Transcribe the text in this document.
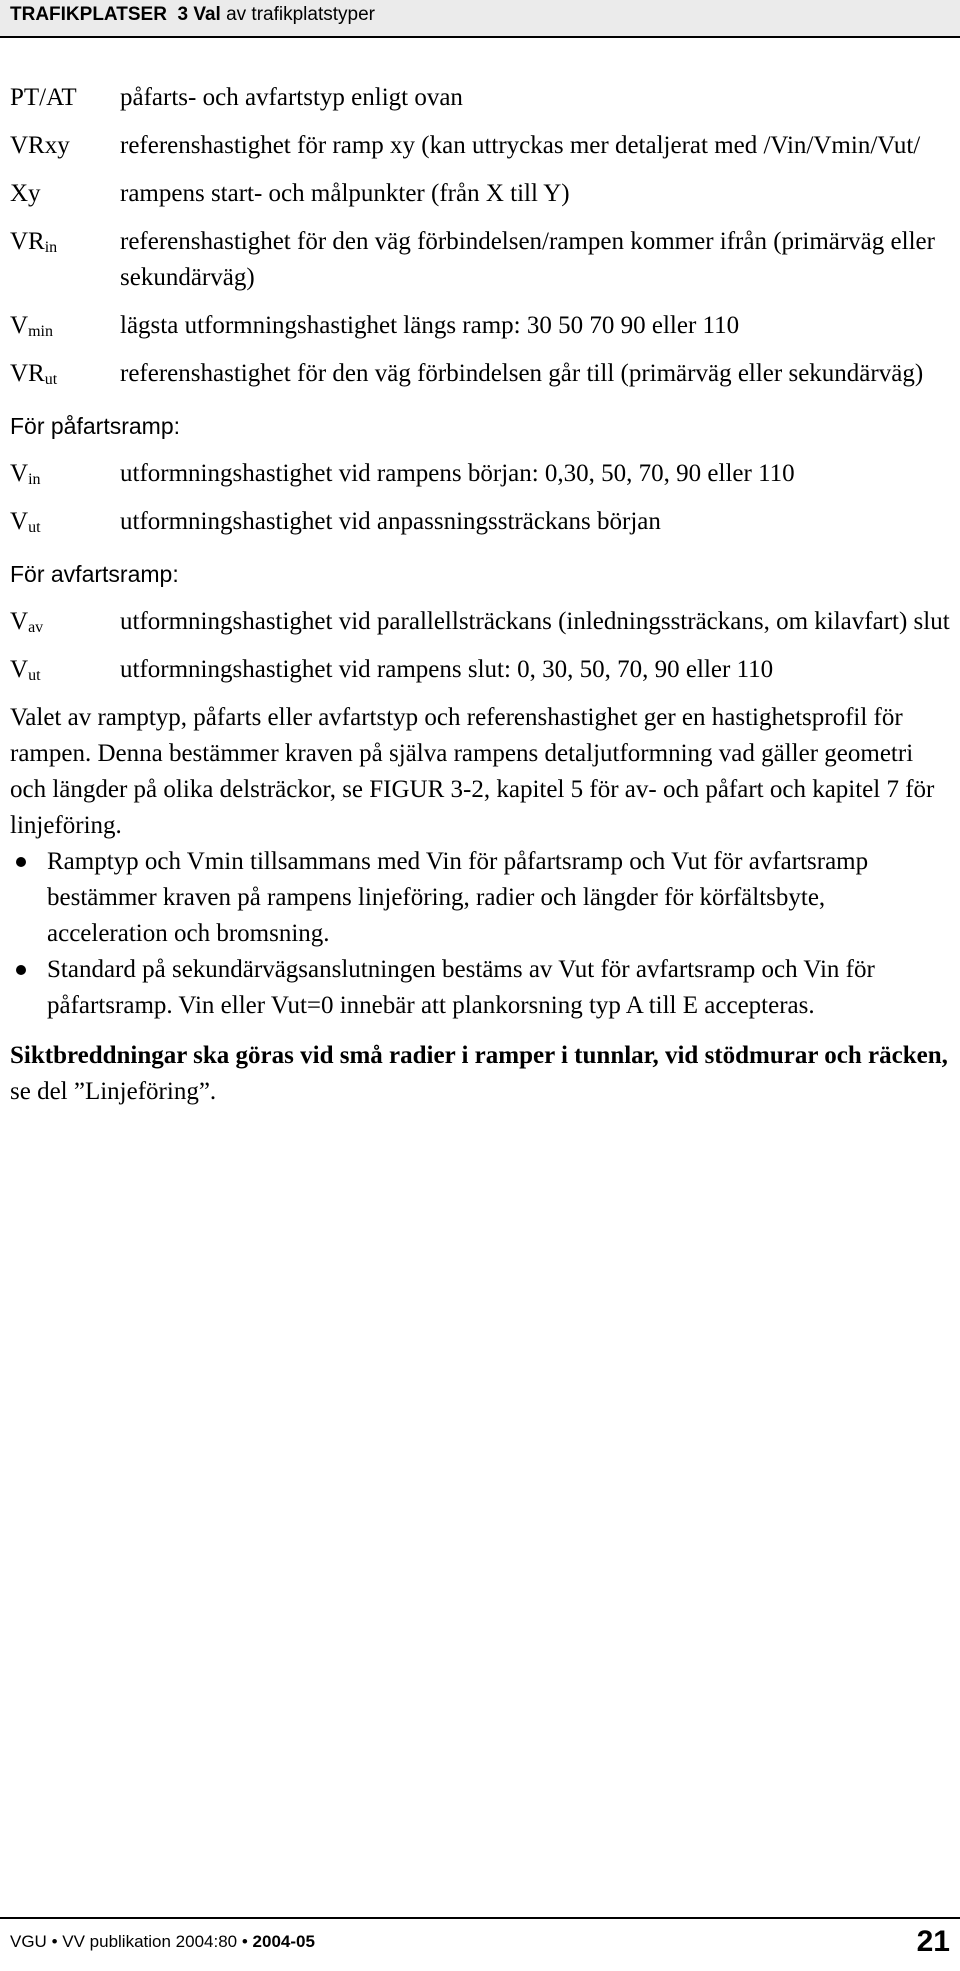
TRAFIKPLATSER 3 Val av trafikplatstyper
PT/AT	påfarts- och avfartstyp enligt ovan
VRxy	referenshastighet för ramp xy (kan uttryckas mer detaljerat med /Vin/Vmin/Vut/
Xy	rampens start- och målpunkter (från X till Y)
$VR_{in}$	referenshastighet för den väg förbindelsen/rampen kommer ifrån (primärväg eller sekundärväg)
$V_{min}$	lägsta utformningshastighet längs ramp: 30 50 70 90 eller 110
$VR_{ut}$	referenshastighet för den väg förbindelsen går till (primärväg eller sekundärväg)
För påfartsramp:
$V_{in}$	utformningshastighet vid rampens början: 0,30, 50, 70, 90 eller 110
$V_{ut}$	utformningshastighet vid anpassningssträckans början
För avfartsramp:
$V_{av}$	utformningshastighet vid parallellsträckans (inledningssträckans, om kilavfart) slut
$V_{ut}$	utformningshastighet vid rampens slut: 0, 30, 50, 70, 90 eller 110

Valet av ramptyp, påfarts eller avfartstyp och referenshastighet ger en hastighetsprofil för rampen. Denna bestämmer kraven på själva rampens detaljutformning vad gäller geometri och längder på olika delsträckor, se FIGUR 3-2, kapitel 5 för av- och påfart och kapitel 7 för linjeföring.

Ramptyp och Vmin tillsammans med Vin för påfartsramp och Vut för avfartsramp bestämmer kraven på rampens linjeföring, radier och längder för körfältsbyte, acceleration och bromsning.
Standard på sekundärvägsanslutningen bestäms av Vut för avfartsramp och Vin för påfartsramp. Vin eller Vut=0 innebär att plankorsning typ A till E accepteras.

Siktbreddningar ska göras vid små radier i ramper i tunnlar, vid stödmurar och räcken, se del ”Linjeföring”.

VGU • VV publikation 2004:80 • 2004-05	21
